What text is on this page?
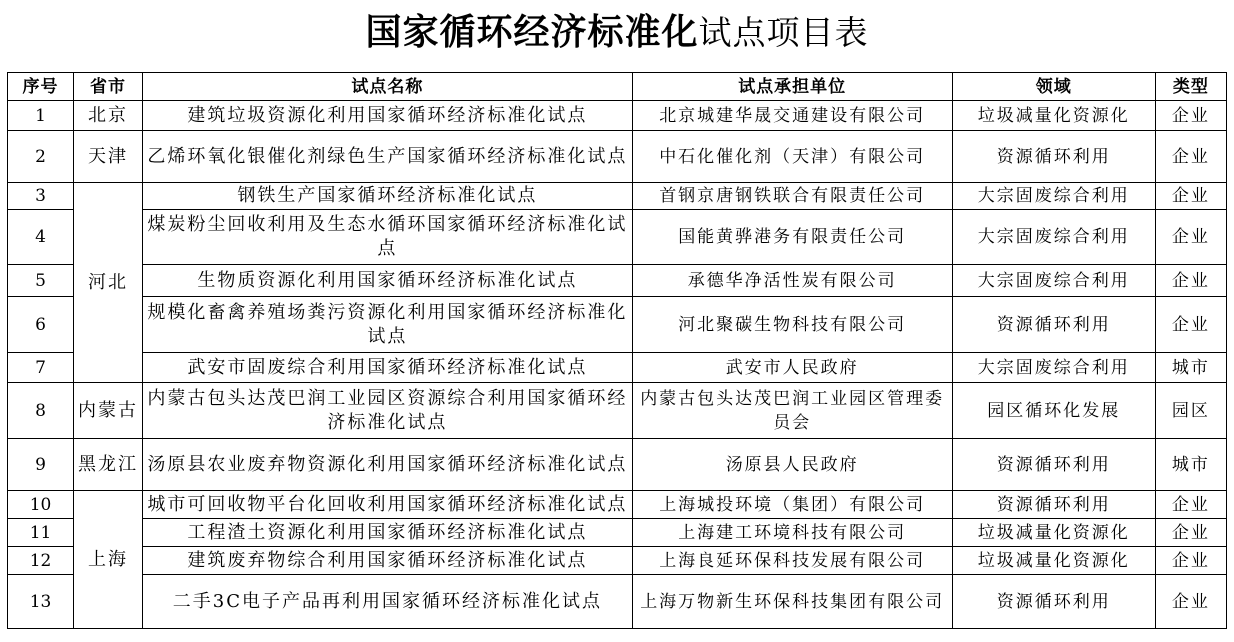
国家循环经济标准化试点项目表
序号	省市	试点名称	试点承担单位	领域	类型
1	北京	建筑垃圾资源化利用国家循环经济标准化试点	北京城建华晟交通建设有限公司	垃圾减量化资源化	企业
2	天津	乙烯环氧化银催化剂绿色生产国家循环经济标准化试点	中石化催化剂（天津）有限公司	资源循环利用	企业
3	河北	钢铁生产国家循环经济标准化试点	首钢京唐钢铁联合有限责任公司	大宗固废综合利用	企业
4		煤炭粉尘回收利用及生态水循环国家循环经济标准化试点	国能黄骅港务有限责任公司	大宗固废综合利用	企业
5		生物质资源化利用国家循环经济标准化试点	承德华净活性炭有限公司	大宗固废综合利用	企业
6		规模化畜禽养殖场粪污资源化利用国家循环经济标准化试点	河北聚碳生物科技有限公司	资源循环利用	企业
7		武安市固废综合利用国家循环经济标准化试点	武安市人民政府	大宗固废综合利用	城市
8	内蒙古	内蒙古包头达茂巴润工业园区资源综合利用国家循环经济标准化试点	内蒙古包头达茂巴润工业园区管理委员会	园区循环化发展	园区
9	黑龙江	汤原县农业废弃物资源化利用国家循环经济标准化试点	汤原县人民政府	资源循环利用	城市
10	上海	城市可回收物平台化回收利用国家循环经济标准化试点	上海城投环境（集团）有限公司	资源循环利用	企业
11		工程渣土资源化利用国家循环经济标准化试点	上海建工环境科技有限公司	垃圾减量化资源化	企业
12		建筑废弃物综合利用国家循环经济标准化试点	上海良延环保科技发展有限公司	垃圾减量化资源化	企业
13		二手3C电子产品再利用国家循环经济标准化试点	上海万物新生环保科技集团有限公司	资源循环利用	企业
